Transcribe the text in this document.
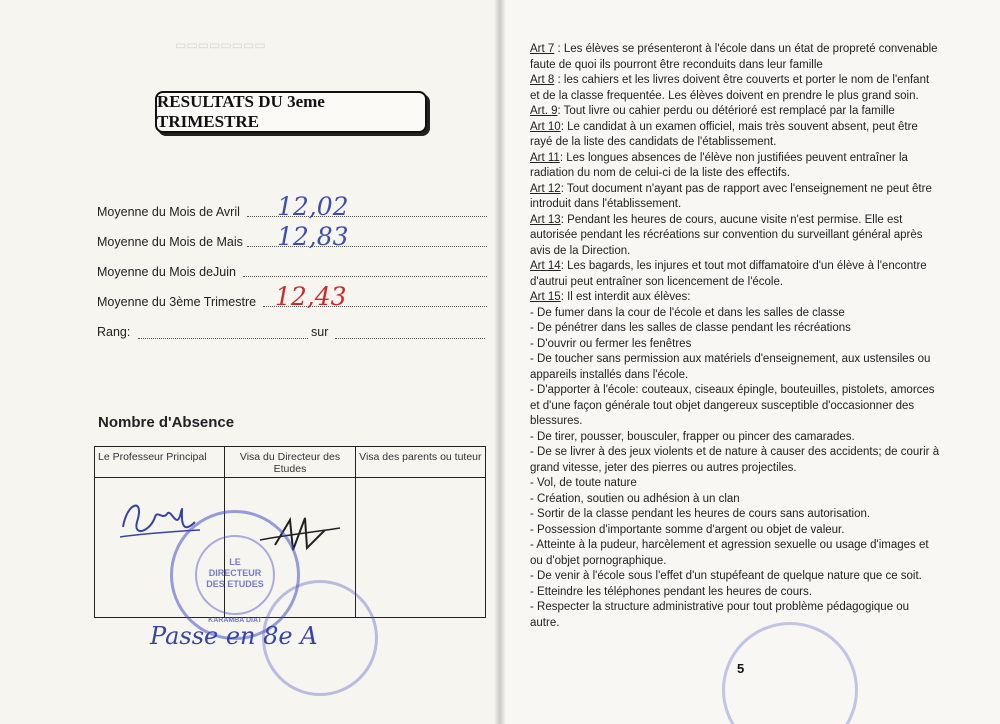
▭▭▭▭▭▭▭▭
RESULTATS DU 3eme TRIMESTRE
Moyenne du Mois de Avril 12,02
Moyenne du Mois de Mais 12,83
Moyenne du Mois deJuin
Moyenne du 3ème Trimestre 12,43
Rang:	sur
Nombre d'Absence
Le Professeur Principal	Visa du Directeur des Etudes	Visa des parents ou tuteur

LE DIRECTEUR DES ETUDES
KARAMBA DIAT
Passe en 8e A

Art 7 : Les élèves se présenteront à l'école dans un état de propreté convenable faute de quoi ils pourront être reconduits dans leur famille

Art 8 : les cahiers et les livres doivent être couverts et porter le nom de l'enfant et de la classe frequentée. Les élèves doivent en prendre le plus grand soin.

Art. 9: Tout livre ou cahier perdu ou détérioré est remplacé par la famille

Art 10: Le candidat à un examen officiel, mais très souvent absent, peut être rayé de la liste des candidats de l'établissement.

Art 11: Les longues absences de l'élève non justifiées peuvent entraîner la radiation du nom de celui-ci de la liste des effectifs.

Art 12: Tout document n'ayant pas de rapport avec l'enseignement ne peut être introduit dans l'établissement.

Art 13: Pendant les heures de cours, aucune visite n'est permise. Elle est autorisée pendant les récréations sur convention du surveillant général après avis de la Direction.

Art 14: Les bagards, les injures et tout mot diffamatoire d'un élève à l'encontre d'autrui peut entraîner son licencement de l'école.

Art 15: Il est interdit aux élèves:

- De fumer dans la cour de l'école et dans les salles de classe

- De pénétrer dans les salles de classe pendant les récréations

- D'ouvrir ou fermer les fenêtres

- De toucher sans permission aux matériels d'enseignement, aux ustensiles ou appareils installés dans l'école.

- D'apporter à l'école: couteaux, ciseaux épingle, bouteuilles, pistolets, amorces et d'une façon générale tout objet dangereux susceptible d'occasionner des blessures.

- De tirer, pousser, bousculer, frapper ou pincer des camarades.

- De se livrer à des jeux violents et de nature à causer des accidents; de courir à grand vitesse, jeter des pierres ou autres projectiles.

- Vol, de toute nature

- Création, soutien ou adhésion à un clan

- Sortir de la classe pendant les heures de cours sans autorisation.

- Possession d'importante somme d'argent ou objet de valeur.

- Atteinte à la pudeur, harcèlement et agression sexuelle ou usage d'images et ou d'objet pornographique.

- De venir à l'école sous l'effet d'un stupéfeant de quelque nature que ce soit.

- Etteindre les téléphones pendant les heures de cours.

- Respecter la structure administrative pour tout problème pédagogique ou autre.

5
